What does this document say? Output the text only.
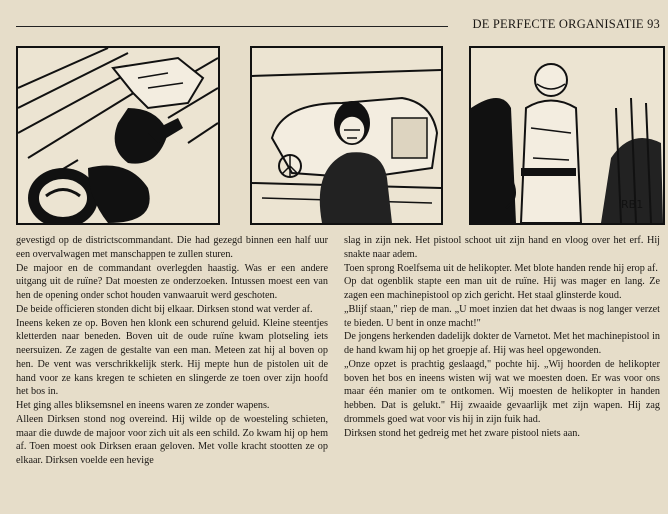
DE PERFECTE ORGANISATIE 93
RB1

gevestigd op de districtscommandant. Die had gezegd binnen een half uur een overvalwagen met manschappen te zullen sturen.

De majoor en de commandant overlegden haastig. Was er een andere uitgang uit de ruïne? Dat moesten ze onderzoeken. Intussen moest een van hen de opening onder schot houden vanwaaruit werd geschoten.

De beide officieren stonden dicht bij elkaar. Dirksen stond wat verder af.

Ineens keken ze op. Boven hen klonk een schurend geluid. Kleine steentjes kletterden naar beneden. Boven uit de oude ruïne kwam plotseling iets neersuizen. Ze zagen de gestalte van een man. Meteen zat hij al boven op hen. De vent was verschrikkelijk sterk. Hij mepte hun de pistolen uit de hand voor ze kans kregen te schieten en slingerde ze toen over zijn hoofd het bos in.

Het ging alles bliksemsnel en ineens waren ze zonder wapens.

Alleen Dirksen stond nog overeind. Hij wilde op de woesteling schieten, maar die duwde de majoor voor zich uit als een schild. Zo kwam hij op hem af. Toen moest ook Dirksen eraan geloven. Met volle kracht stootten ze op elkaar. Dirksen voelde een hevige

slag in zijn nek. Het pistool schoot uit zijn hand en vloog over het erf. Hij snakte naar adem.

Toen sprong Roelfsema uit de helikopter. Met blote handen rende hij erop af.

Op dat ogenblik stapte een man uit de ruïne. Hij was mager en lang. Ze zagen een machinepistool op zich gericht. Het staal glinsterde koud.

„Blijf staan," riep de man. „U moet inzien dat het dwaas is nog langer verzet te bieden. U bent in onze macht!"

De jongens herkenden dadelijk dokter de Varnetot. Met het machinepistool in de hand kwam hij op het groepje af. Hij was heel opgewonden.

„Onze opzet is prachtig geslaagd," pochte hij. „Wij hoorden de helikopter boven het bos en ineens wisten wij wat we moesten doen. Er was voor ons maar één manier om te ontkomen. Wij moesten de helikopter in handen hebben. Dat is gelukt." Hij zwaaide gevaarlijk met zijn wapen. Hij zag drommels goed wat voor vis hij in zijn fuik had.

Dirksen stond het gedreig met het zware pistool niets aan.
